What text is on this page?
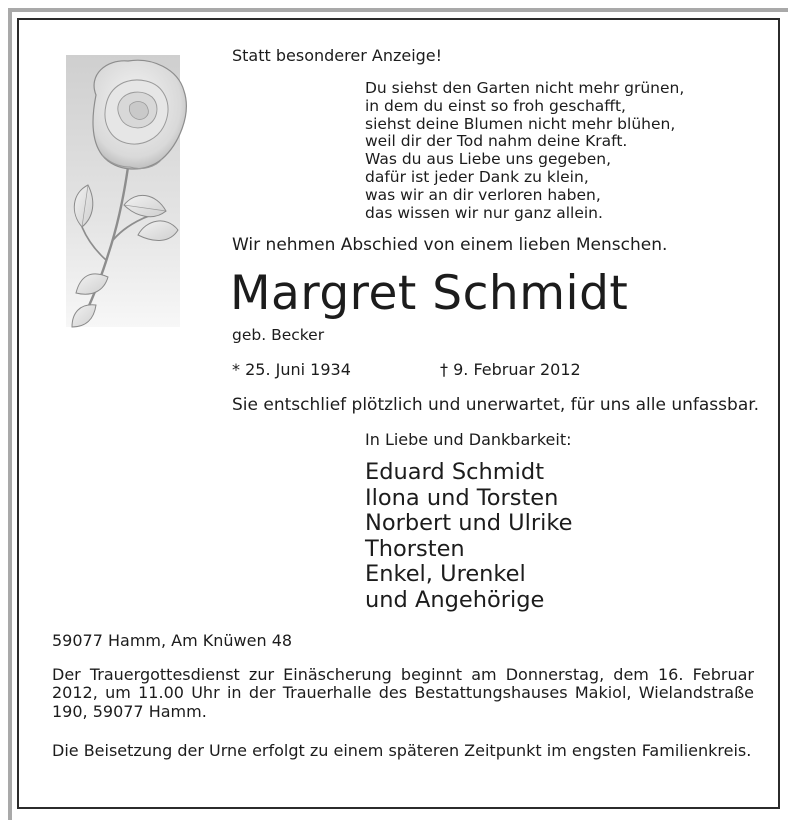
Statt besonderer Anzeige!
Du siehst den Garten nicht mehr grünen,
in dem du einst so froh geschafft,
siehst deine Blumen nicht mehr blühen,
weil dir der Tod nahm deine Kraft.
Was du aus Liebe uns gegeben,
dafür ist jeder Dank zu klein,
was wir an dir verloren haben,
das wissen wir nur ganz allein.
Wir nehmen Abschied von einem lieben Menschen.
Margret Schmidt
geb. Becker
* 25. Juni 1934	† 9. Februar 2012
Sie entschlief plötzlich und unerwartet, für uns alle unfassbar.
In Liebe und Dankbarkeit:
Eduard Schmidt
Ilona und Torsten
Norbert und Ulrike
Thorsten
Enkel, Urenkel
und Angehörige
59077 Hamm, Am Knüwen 48
Der Trauergottesdienst zur Einäscherung beginnt am Donnerstag, dem 16. Februar 2012, um 11.00 Uhr in der Trauerhalle des Bestattungshauses Makiol, Wielandstraße 190, 59077 Hamm.
Die Beisetzung der Urne erfolgt zu einem späteren Zeitpunkt im engsten Familienkreis.
